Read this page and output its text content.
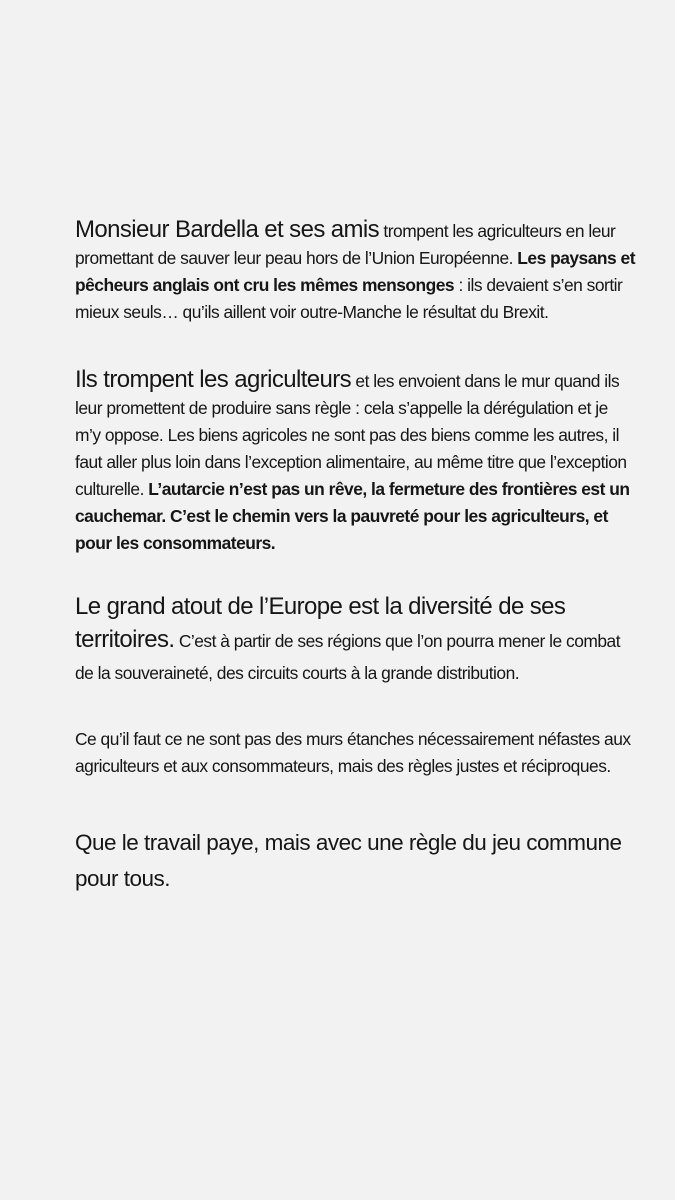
Monsieur Bardella et ses amis trompent les agriculteurs en leur promettant de sauver leur peau hors de l’Union Européenne. Les paysans et pêcheurs anglais ont cru les mêmes mensonges : ils devaient s’en sortir mieux seuls… qu’ils aillent voir outre-Manche le résultat du Brexit.

Ils trompent les agriculteurs et les envoient dans le mur quand ils leur promettent de produire sans règle : cela s’appelle la dérégulation et je m’y oppose. Les biens agricoles ne sont pas des biens comme les autres, il faut aller plus loin dans l’exception alimentaire, au même titre que l’exception culturelle. L’autarcie n’est pas un rêve, la fermeture des frontières est un cauchemar. C’est le chemin vers la pauvreté pour les agriculteurs, et pour les consommateurs.

Le grand atout de l’Europe est la diversité de ses territoires. C’est à partir de ses régions que l’on pourra mener le combat de la souveraineté, des circuits courts à la grande distribution.

Ce qu’il faut ce ne sont pas des murs étanches nécessairement néfastes aux agriculteurs et aux consommateurs, mais des règles justes et réciproques.

Que le travail paye, mais avec une règle du jeu commune pour tous.
